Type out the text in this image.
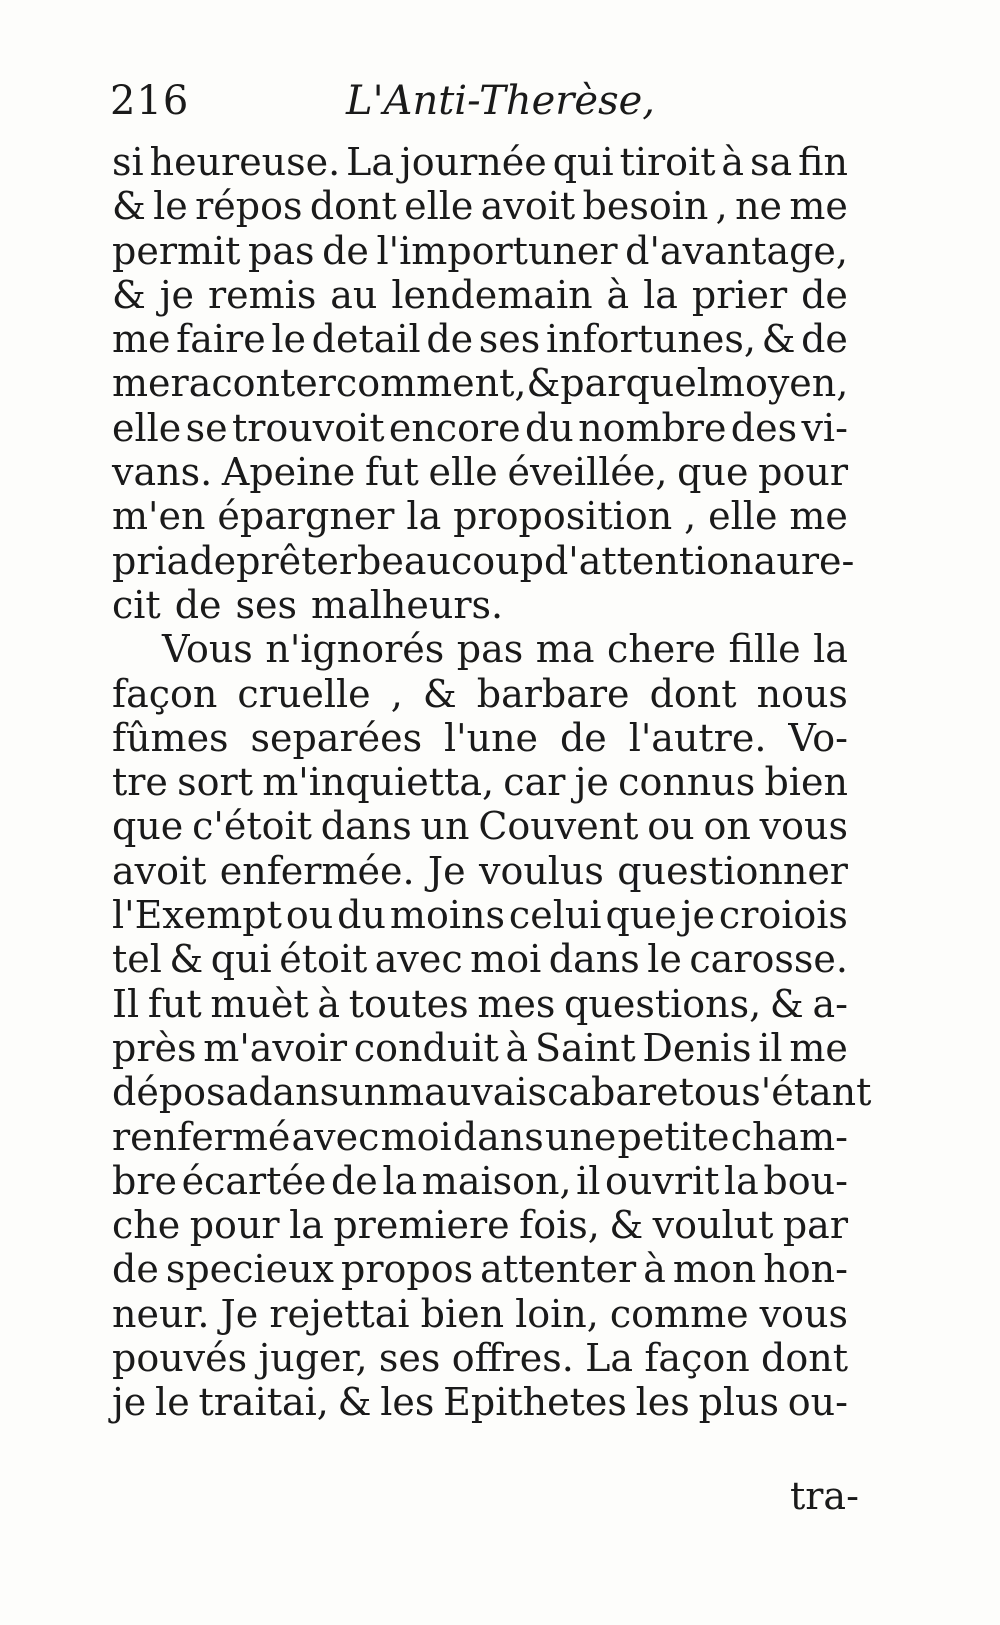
216	L'Anti-Therèse,
si heureuse. La journée qui tiroit à sa fin
& le répos dont elle avoit besoin , ne me
permit pas de l'importuner d'avantage,
& je remis au lendemain à la prier de
me faire le detail de ses infortunes, & de
me raconter comment, & par quel moyen,
elle se trouvoit encore du nombre des vi-
vans. Apeine fut elle éveillée, que pour
m'en épargner la proposition , elle me
pria de prêter beaucoup d'attention au re-
cit de ses malheurs.
Vous n'ignorés pas ma chere fille la
façon cruelle , & barbare dont nous
fûmes separées l'une de l'autre. Vo-
tre sort m'inquietta, car je connus bien
que c'étoit dans un Couvent ou on vous
avoit enfermée. Je voulus questionner
l'Exempt ou du moins celui que je croiois
tel & qui étoit avec moi dans le carosse.
Il fut muèt à toutes mes questions, & a-
près m'avoir conduit à Saint Denis il me
déposa dans un mauvais cabaret ou s'étant
renfermé avec moi dans une petite cham-
bre écartée de la maison, il ouvrit la bou-
che pour la premiere fois, & voulut par
de specieux propos attenter à mon hon-
neur. Je rejettai bien loin, comme vous
pouvés juger, ses offres. La façon dont
je le traitai, & les Epithetes les plus ou-
tra-
